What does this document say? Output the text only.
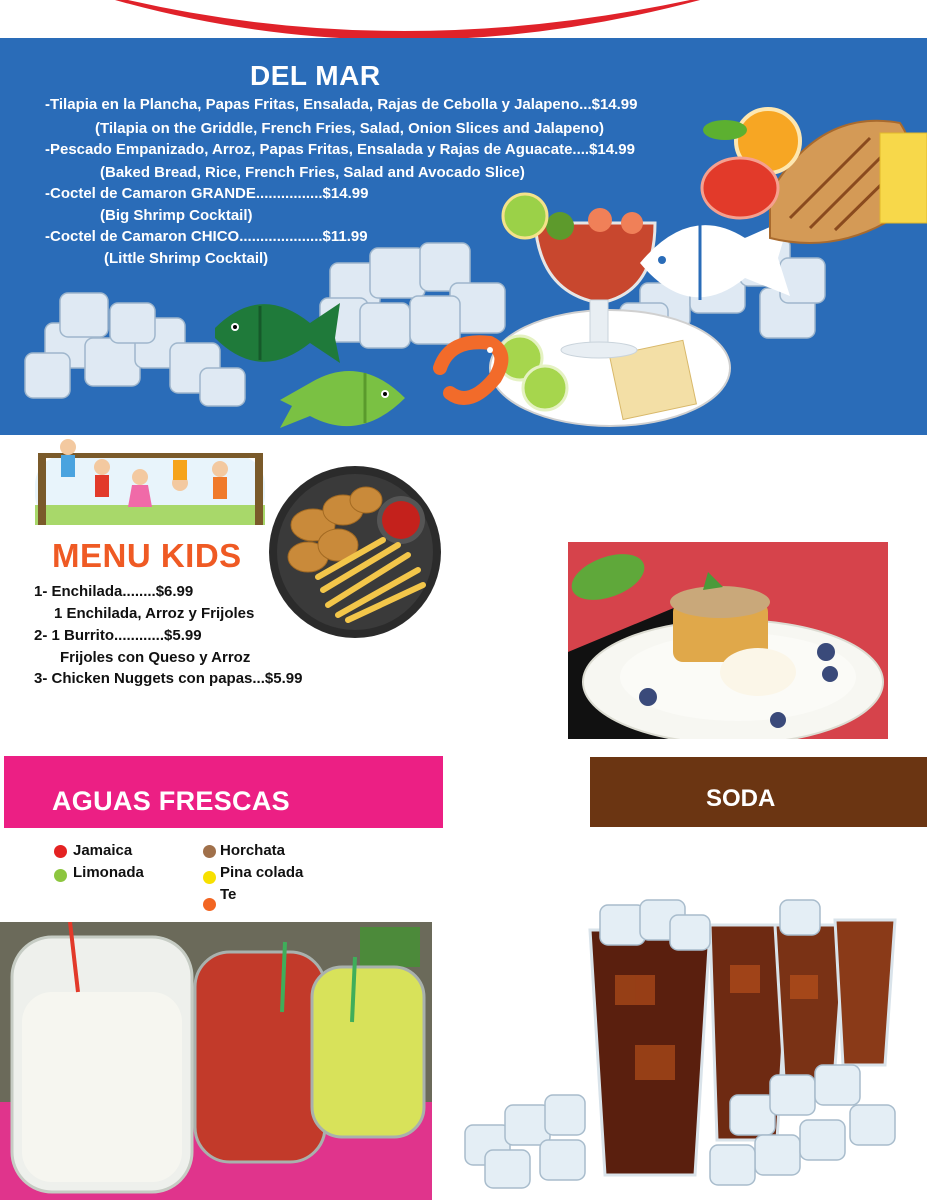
DEL MAR
-Tilapia en la Plancha, Papas Fritas, Ensalada, Rajas de Cebolla y Jalapeno...$14.99
(Tilapia on the Griddle, French Fries, Salad, Onion Slices and Jalapeno)
-Pescado Empanizado, Arroz, Papas Fritas, Ensalada y Rajas de Aguacate....$14.99
(Baked Bread, Rice, French Fries, Salad and Avocado Slice)
-Coctel de Camaron GRANDE................$14.99
(Big Shrimp Cocktail)
-Coctel de Camaron CHICO....................$11.99
(Little Shrimp Cocktail)
MENU KIDS
1- Enchilada........$6.99
1 Enchilada, Arroz y Frijoles
2- 1 Burrito............$5.99
Frijoles con Queso y Arroz
3- Chicken Nuggets con papas...$5.99
AGUAS FRESCAS
Jamaica
Limonada
Horchata
Pina colada
Te
SODA
